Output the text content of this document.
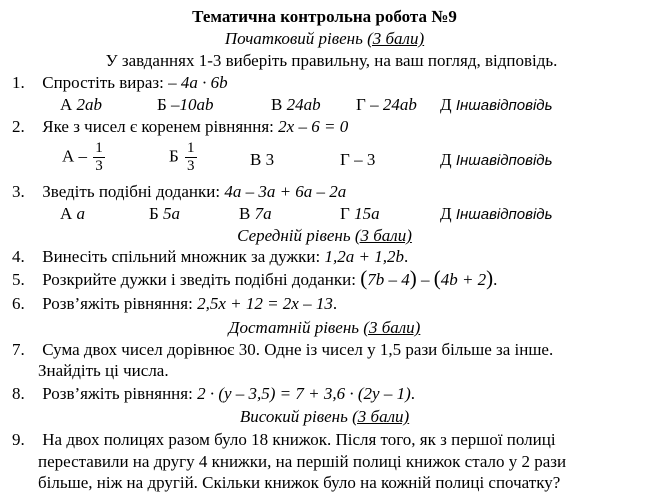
Тематична контрольна робота №9
Початковий рівень (3 бали)
У завданнях 1-3 виберіть правильну, на ваш погляд, відповідь.
1. Спростіть вираз: – 4a · 6b
А 2ab	Б –10ab	В 24ab Г – 24ab Д Іншавідповідь
2. Яке з чисел є коренем рівняння: 2x – 6 = 0
А – $\frac{1}{3}$	Б $\frac{1}{3}$	В 3	Г – 3	Д Іншавідповідь
3. Зведіть подібні доданки: 4a – 3a + 6a – 2a
А a	Б 5a	В 7a	Г 15a	Д Іншавідповідь
Середній рівень (3 бали)
4. Винесіть спільний множник за дужки: 1,2a + 1,2b.
5. Розкрийте дужки і зведіть подібні доданки: (7b – 4) – (4b + 2).
6. Розв’яжіть рівняння: 2,5x + 12 = 2x – 13.
Достатній рівень (3 бали)
7. Сума двох чисел дорівнює 30. Одне із чисел у 1,5 рази більше за інше.
Знайдіть ці числа.
8. Розв’яжіть рівняння: 2 · (y – 3,5) = 7 + 3,6 · (2y – 1).
Високий рівень (3 бали)
9. На двох полицях разом було 18 книжок. Після того, як з першої полиці
переставили на другу 4 книжки, на першій полиці книжок стало у 2 рази
більше, ніж на другій. Скільки книжок було на кожній полиці спочатку?
